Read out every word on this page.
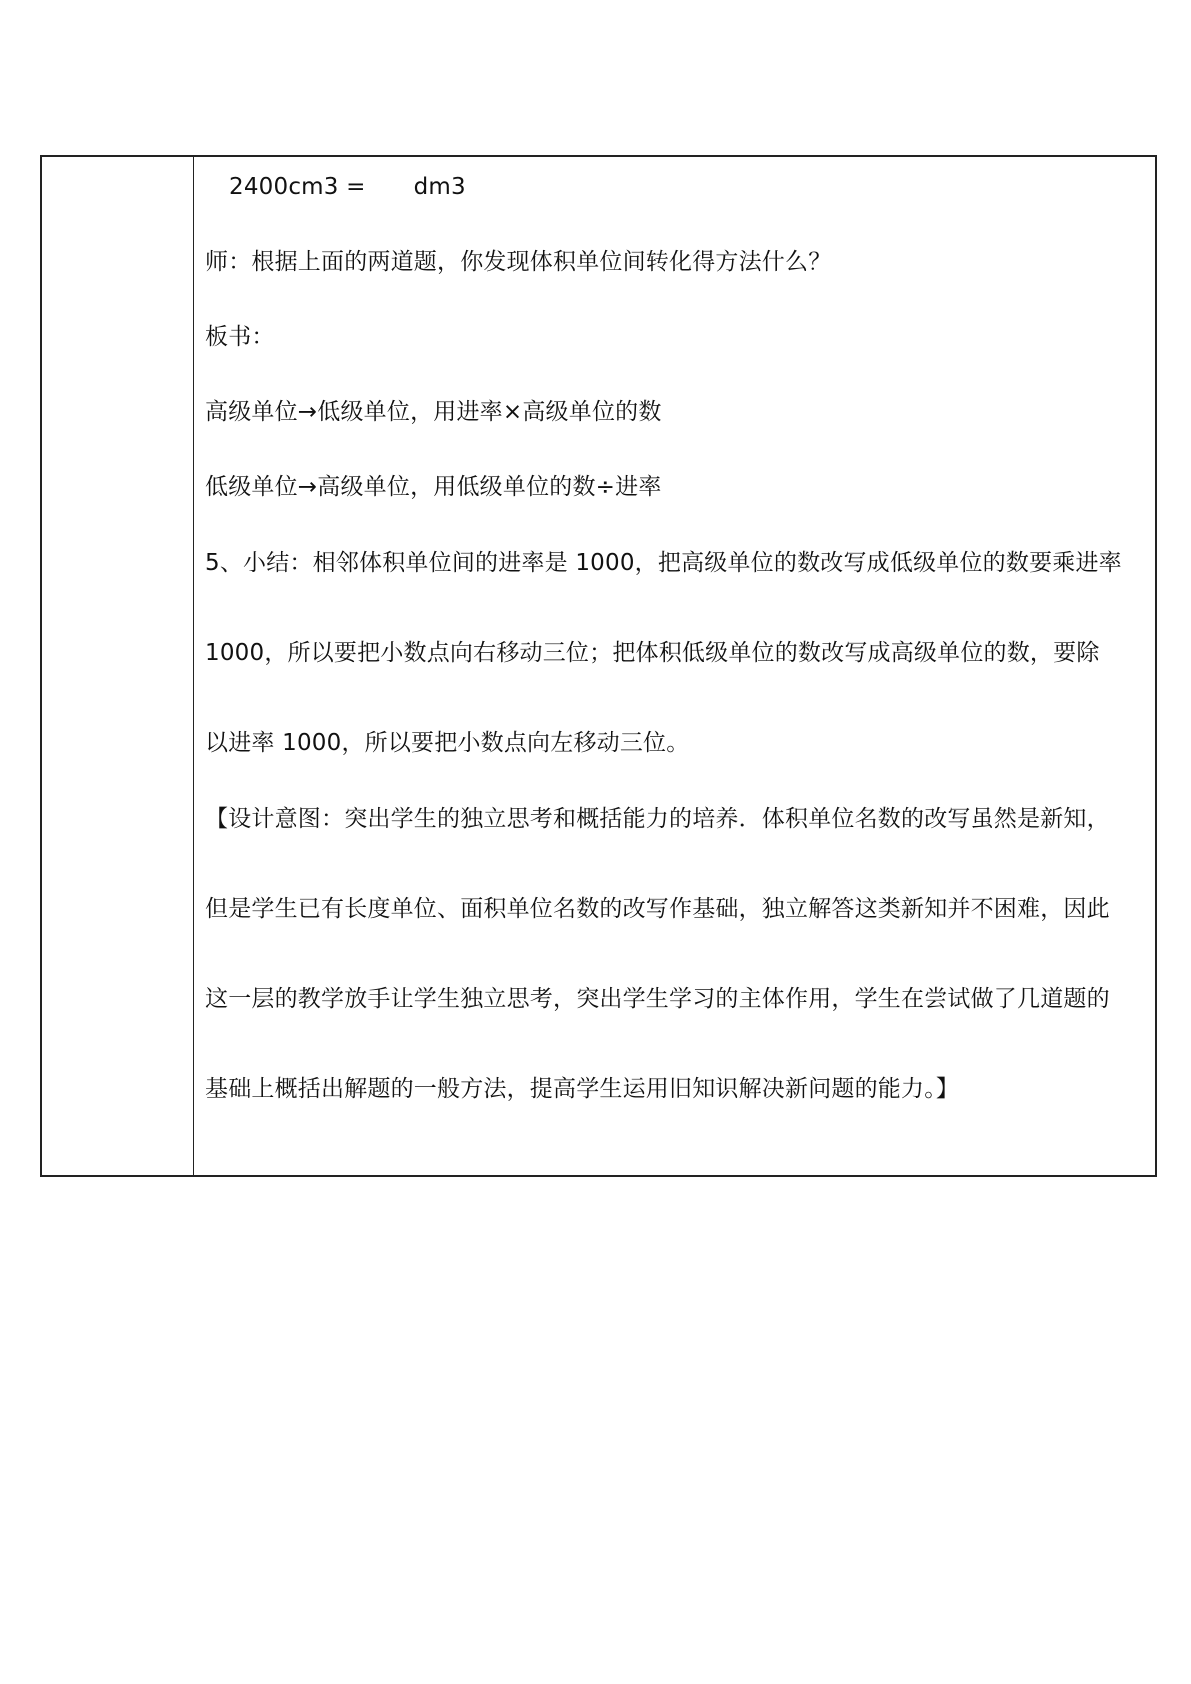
2400cm3 = dm3
师：根据上面的两道题，你发现体积单位间转化得方法什么？
板书：
高级单位→低级单位，用进率×高级单位的数
低级单位→高级单位，用低级单位的数÷进率
5、小结：相邻体积单位间的进率是 1000，把高级单位的数改写成低级单位的数要乘进率
1000，所以要把小数点向右移动三位；把体积低级单位的数改写成高级单位的数，要除
以进率 1000，所以要把小数点向左移动三位。
【设计意图：突出学生的独立思考和概括能力的培养．体积单位名数的改写虽然是新知，
但是学生已有长度单位、面积单位名数的改写作基础，独立解答这类新知并不困难，因此
这一层的教学放手让学生独立思考，突出学生学习的主体作用，学生在尝试做了几道题的
基础上概括出解题的一般方法，提高学生运用旧知识解决新问题的能力。】
